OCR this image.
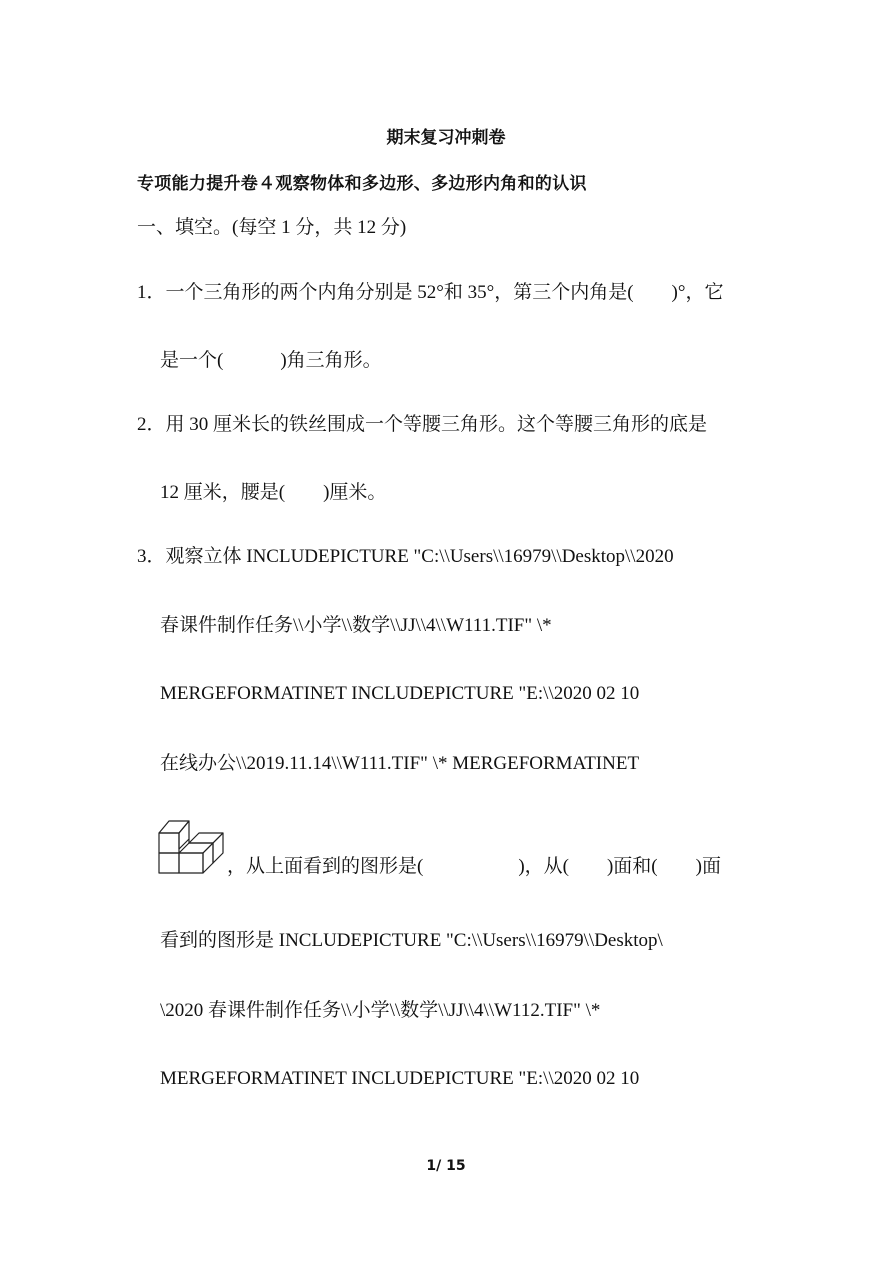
期末复习冲刺卷
专项能力提升卷４观察物体和多边形、多边形内角和的认识
一、填空。(每空 1 分，共 12 分)
1．一个三角形的两个内角分别是 52°和 35°，第三个内角是(　　)°，它
是一个(　　　)角三角形。
2．用 30 厘米长的铁丝围成一个等腰三角形。这个等腰三角形的底是
12 厘米，腰是(　　)厘米。
3．观察立体 INCLUDEPICTURE "C:\\Users\\16979\\Desktop\\2020
春课件制作任务\\小学\\数学\\JJ\\4\\W111.TIF" \*
MERGEFORMATINET INCLUDEPICTURE "E:\\2020 02 10
在线办公\\2019.11.14\\W111.TIF" \* MERGEFORMATINET
，从上面看到的图形是(　　　　　)，从(　　)面和(　　)面
看到的图形是 INCLUDEPICTURE "C:\\Users\\16979\\Desktop\
\2020 春课件制作任务\\小学\\数学\\JJ\\4\\W112.TIF" \*
MERGEFORMATINET INCLUDEPICTURE "E:\\2020 02 10
1/ 15
